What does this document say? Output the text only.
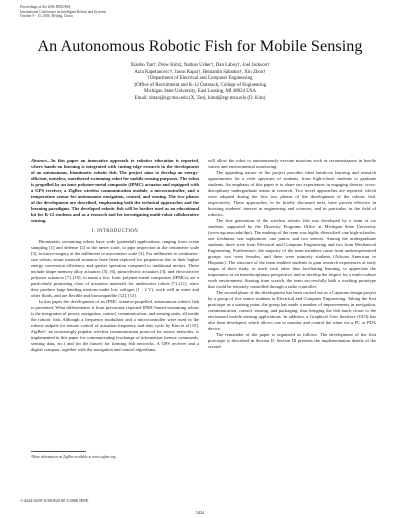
Proceedings of the 2006 IEEE/RSJ
International Conference on Intelligent Robots and Systems
October 9 - 15, 2006, Beijing, China
An Autonomous Robotic Fish for Mobile Sensing
Xiaobo Tan†, Drew Kim‡, Nathan Usher†, Dan Laboy†, Joel Jackson†
Azra Kapetanovic†, Jason Rapai†, Beniamin Sabadus†, Xin Zhou†
†Department of Electrical and Computer Engineering
‡Office of Recruitment and K-12 Outreach, College of Engineering
Michigan State University, East Lansing, MI 48824 USA
Email: xbtan@egr.msu.edu (X. Tan), kimd@egr.msu.edu (D. Kim)

Abstract—In this paper an innovative approach to robotics education is reported, where hands-on learning is integrated with cutting-edge research in the development of an autonomous, biomimetic robotic fish. The project aims to develop an energy-efficient, noiseless, untethered swimming robot for mobile sensing purposes. The robot is propelled by an ionic polymer-metal composite (IPMC) actuator and equipped with a GPS receiver, a ZigBee wireless communication module, a microcontroller, and a temperature sensor for autonomous navigation, control, and sensing. The two phases of the development are described, emphasizing both the technical approaches and the learning paradigms. The developed robotic fish will be further used as an educational kit for K-12 students and as a research tool for investigating multi-robot collaborative sensing.

I. INTRODUCTION

Biomimetic swimming robots have wide (potential) applications, ranging from ocean sampling [1] and defense [2] at the meter scale, to pipe inspection at the centimeter scale [3], to micro-surgery at the millimeter to micrometer scale [4]. For millimeter to centimeter-size robots, smart material actuators have been explored for propulsion due to their higher energy conversion efficiency and quieter operation compared to traditional motors. These include shape memory alloy actuators [5], [6], piezoelectric actuators [3], and electroactive polymer actuators [7]–[10], to name a few. Ionic polymer-metal composites (IPMCs) are a particularly promising class of actuation materials for underwater robots [7]–[11], since they produce large bending motions under low voltages (1 - 2 V), work well in water and other fluids, and are flexible and biocompatible [12], [13].

In this paper the development of an IPMC actuator-propelled, autonomous robotic fish is presented. What differentiates it from previously reported IPMC-based swimming robots is the integration of power, navigation, control, communication, and sensing units, all inside the robotic fish. Although a frequency modulator and a microcontroller were used in the robotic tadpole for remote control of actuation frequency and duty cycle by Kim et al [10], ZigBee¹, an increasingly popular wireless communication protocol for sensor networks, is implemented in this paper for communicating (exchange of information (sensor commands, sensing data, etc.) and (in the future) for forming fish networks. A GPS receiver and a digital compass, together with the navigation and control algorithms,

will allow the robot to autonomously execute missions such as reconnaissance in hostile waters and environmental monitoring.

The appealing nature of the project provides ideal hands-on learning and research opportunities for a wide spectrum of students, from high-school students to graduate students. An emphasis of this paper is to share our experiences in engaging diverse, cross-disciplinary undergraduate teams in research. Two novel approaches are reported, which were adopted during the first two phases of the development of the robotic fish, respectively. These approaches, to be briefly discussed next, have proven effective in boosting students' interest in engineering and sciences, and in particular, in the field of robotics.

The first generation of the wireless robotic fish was developed by a team of six students, supported by the Diversity Programs Office at Michigan State University (www.egr.msu.edu/dpo). The makeup of the team was highly diversified: one high-schooler, one freshman, one sophomore, one junior, and two seniors. Among the undergraduate students, three were from Electrical and Computer Engineering and two from Mechanical Engineering. Furthermore, the majority of the team members came from underrepresented groups: two were females, and three were minority students (African American or Hispanic). The structure of the team enabled students to gain research experiences at early stages of their study, to teach each other thus facilitating learning, to appreciate the importance of an interdisciplinary perspective, and to develop the respect for a multi-culture work environment. Starting from scratch, the team successfully built a working prototype that could be remotely controlled through a radio controller.

The second phase of the development has been carried out as a Capstone design project by a group of five senior students in Electrical and Computer Engineering. Taking the first prototype as a starting point, the group has made a number of improvements in navigation, communication, control, sensing, and packaging, thus bringing the fish much closer to the envisioned mobile sensing applications. In addition, a Graphical User Interface (GUI) has also been developed, which allows one to monitor and control the robot via a PC or PDA device.

The remainder of the paper is organized as follows. The development of the first prototype is described in Section II. Section III presents the implementation details of the second

¹More information on ZigBee available at www.zigbee.org.
1-4244-0259-X/06/$20.00 ©2006 IEEE
5424
